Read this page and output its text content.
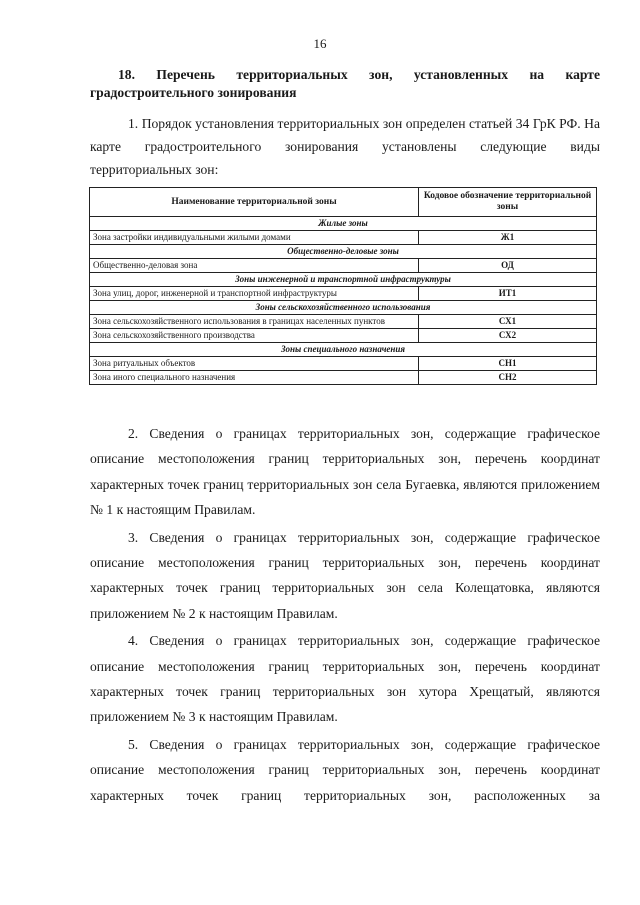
16
18. Перечень территориальных зон, установленных на карте градостроительного зонирования

1. Порядок установления территориальных зон определен статьей 34 ГрК РФ. На карте градостроительного зонирования установлены следующие виды территориальных зон:

Наименование территориальной зоны	Кодовое обозначение территориальной зоны
Жилые зоны	
Зона застройки индивидуальными жилыми домами	Ж1
Общественно-деловые зоны	
Общественно-деловая зона	ОД
Зоны инженерной и транспортной инфраструктуры	
Зона улиц, дорог, инженерной и транспортной инфраструктуры	ИТ1
Зоны сельскохозяйственного использования	
Зона сельскохозяйственного использования в границах населенных пунктов	СХ1
Зона сельскохозяйственного производства	СХ2
Зоны специального назначения	
Зона ритуальных объектов	СН1
Зона иного специального назначения	СН2

2. Сведения о границах территориальных зон, содержащие графическое описание местоположения границ территориальных зон, перечень координат характерных точек границ территориальных зон села Бугаевка, являются приложением № 1 к настоящим Правилам.

3. Сведения о границах территориальных зон, содержащие графическое описание местоположения границ территориальных зон, перечень координат характерных точек границ территориальных зон села Колещатовка, являются приложением № 2 к настоящим Правилам.

4. Сведения о границах территориальных зон, содержащие графическое описание местоположения границ территориальных зон, перечень координат характерных точек границ территориальных зон хутора Хрещатый, являются приложением № 3 к настоящим Правилам.

5. Сведения о границах территориальных зон, содержащие графическое описание местоположения границ территориальных зон, перечень координат характерных точек границ территориальных зон, расположенных за
